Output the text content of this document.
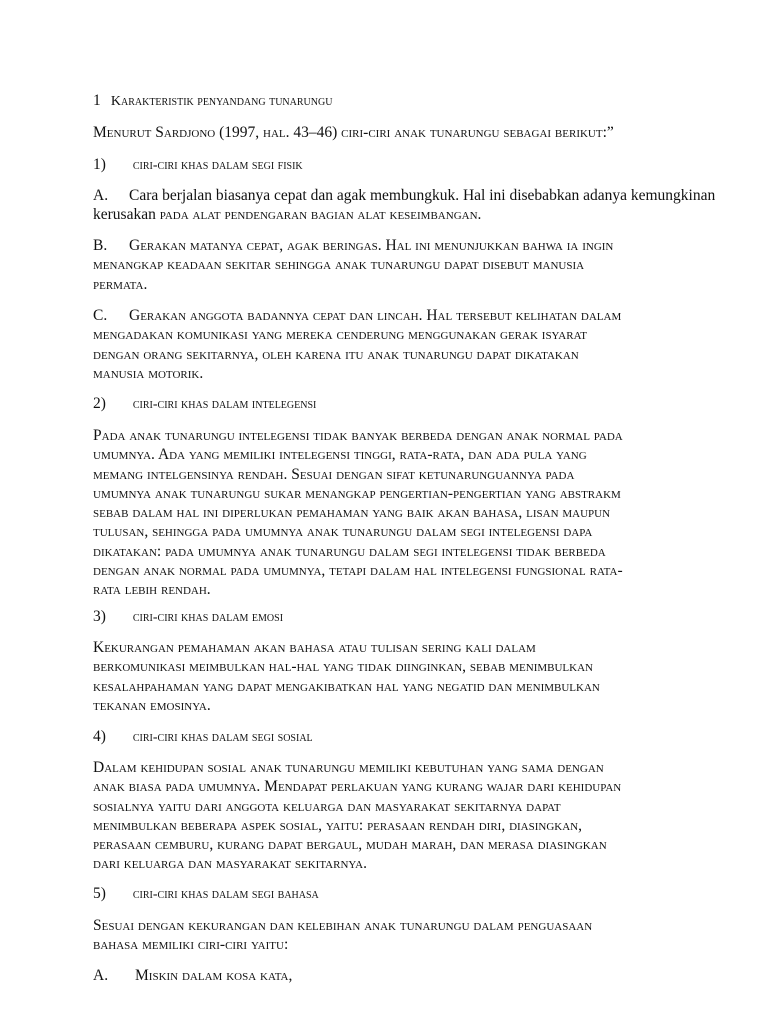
1 Karakteristik penyandang tunarungu
Menurut Sardjono (1997, hal. 43–46) ciri-ciri anak tunarungu sebagai berikut:”
1) ciri-ciri khas dalam segi fisik

A. Cara berjalan biasanya cepat dan agak membungkuk. Hal ini disebabkan adanya kemungkinan

kerusakan pada alat pendengaran bagian alat keseimbangan.

B. Gerakan matanya cepat, agak beringas. Hal ini menunjukkan bahwa ia ingin

menangkap keadaan sekitar sehingga anak tunarungu dapat disebut manusia

permata.

C. Gerakan anggota badannya cepat dan lincah. Hal tersebut kelihatan dalam

mengadakan komunikasi yang mereka cenderung menggunakan gerak isyarat

dengan orang sekitarnya, oleh karena itu anak tunarungu dapat dikatakan

manusia motorik.

2) ciri-ciri khas dalam intelegensi

Pada anak tunarungu intelegensi tidak banyak berbeda dengan anak normal pada

umumnya. Ada yang memiliki intelegensi tinggi, rata-rata, dan ada pula yang

memang intelgensinya rendah. Sesuai dengan sifat ketunarunguannya pada

umumnya anak tunarungu sukar menangkap pengertian-pengertian yang abstrakm

sebab dalam hal ini diperlukan pemahaman yang baik akan bahasa, lisan maupun

tulusan, sehingga pada umumnya anak tunarungu dalam segi intelegensi dapa

dikatakan: pada umumnya anak tunarungu dalam segi intelegensi tidak berbeda

dengan anak normal pada umumnya, tetapi dalam hal intelegensi fungsional rata-

rata lebih rendah.

3) ciri-ciri khas dalam emosi

Kekurangan pemahaman akan bahasa atau tulisan sering kali dalam

berkomunikasi meimbulkan hal-hal yang tidak diinginkan, sebab menimbulkan

kesalahpahaman yang dapat mengakibatkan hal yang negatid dan menimbulkan

tekanan emosinya.

4) ciri-ciri khas dalam segi sosial

Dalam kehidupan sosial anak tunarungu memiliki kebutuhan yang sama dengan

anak biasa pada umumnya. Mendapat perlakuan yang kurang wajar dari kehidupan

sosialnya yaitu dari anggota keluarga dan masyarakat sekitarnya dapat

menimbulkan beberapa aspek sosial, yaitu: perasaan rendah diri, diasingkan,

perasaan cemburu, kurang dapat bergaul, mudah marah, dan merasa diasingkan

dari keluarga dan masyarakat sekitarnya.

5) ciri-ciri khas dalam segi bahasa

Sesuai dengan kekurangan dan kelebihan anak tunarungu dalam penguasaan

bahasa memiliki ciri-ciri yaitu:

A. Miskin dalam kosa kata,
